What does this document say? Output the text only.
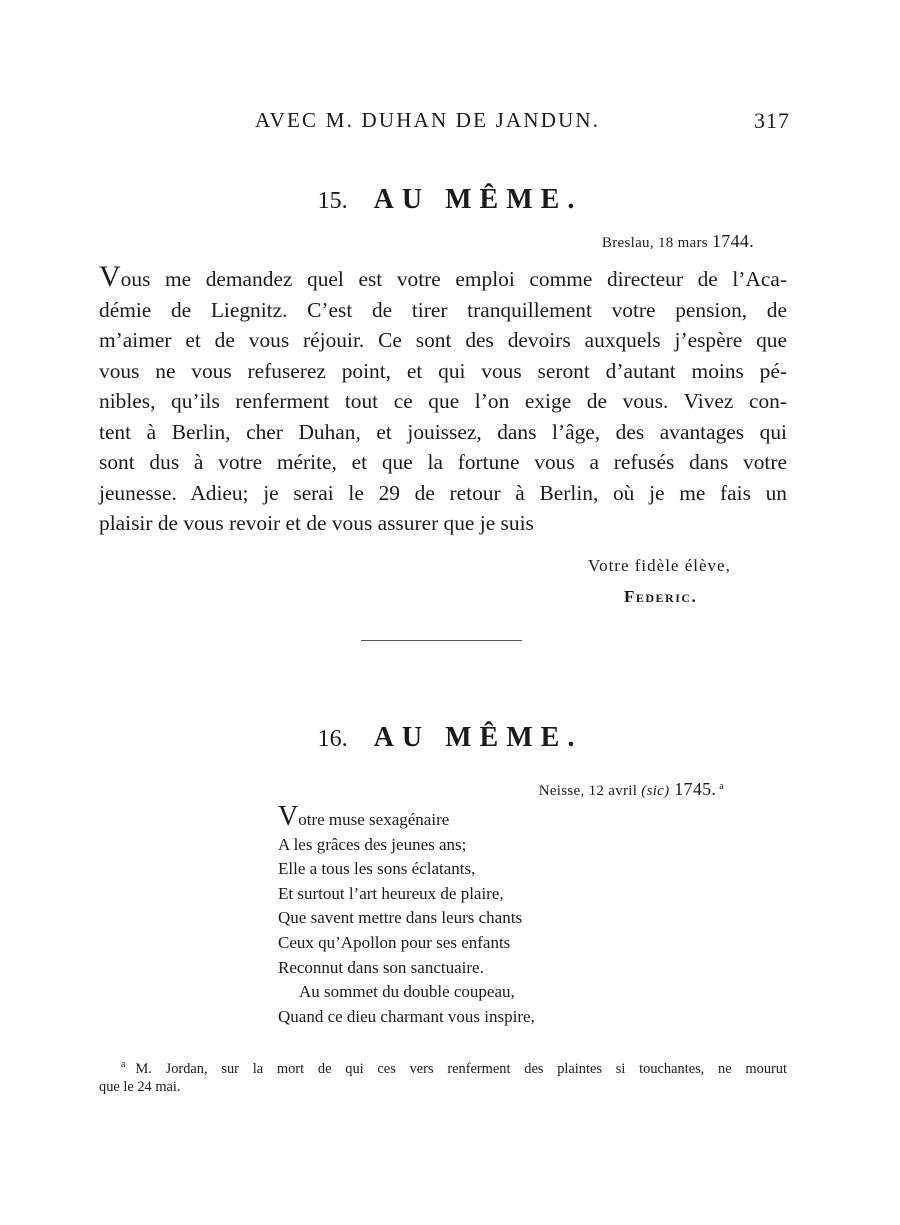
AVEC M. DUHAN DE JANDUN.	317
15. AU MÊME.
Breslau, 18 mars 1744.
Vous me demandez quel est votre emploi comme directeur de l’Aca-
démie de Liegnitz. C’est de tirer tranquillement votre pension, de
m’aimer et de vous réjouir. Ce sont des devoirs auxquels j’espère que
vous ne vous refuserez point, et qui vous seront d’autant moins pé-
nibles, qu’ils renferment tout ce que l’on exige de vous. Vivez con-
tent à Berlin, cher Duhan, et jouissez, dans l’âge, des avantages qui
sont dus à votre mérite, et que la fortune vous a refusés dans votre
jeunesse. Adieu; je serai le 29 de retour à Berlin, où je me fais un
plaisir de vous revoir et de vous assurer que je suis
Votre fidèle élève,
Federic.
16. AU MÊME.
Neisse, 12 avril (sic) 1745. $^a$
Votre muse sexagénaire
A les grâces des jeunes ans;
Elle a tous les sons éclatants,
Et surtout l’art heureux de plaire,
Que savent mettre dans leurs chants
Ceux qu’Apollon pour ses enfants
Reconnut dans son sanctuaire.
Au sommet du double coupeau,
Quand ce dieu charmant vous inspire,
$^a$ M. Jordan, sur la mort de qui ces vers renferment des plaintes si touchantes, ne mourut
que le 24 mai.
